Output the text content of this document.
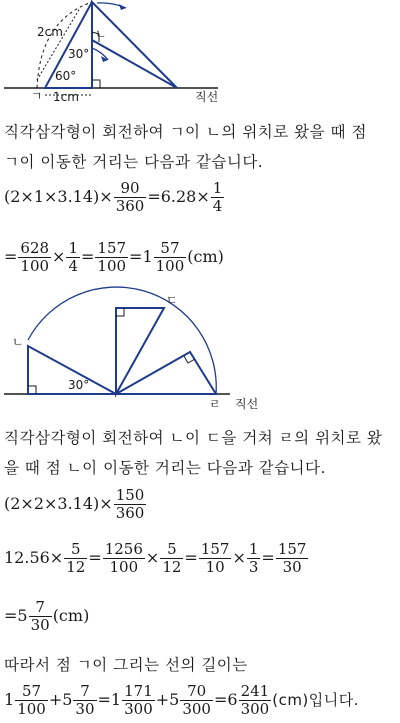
2cm
30°
60°
ㄱ 1cm
ㄴ
직선
직각삼각형이 회전하여 ㄱ이 ㄴ의 위치로 왔을 때 점
ㄱ이 이동한 거리는 다음과 같습니다.
$(2\times 1\times 3.14)\times \frac{90}{360} =6.28\times \frac{1}{4}$
= $\frac{628}{100} \times \frac{1}{4} = \frac{157}{100} =1 \frac{57}{100} (cm)$
ㄴ
ㄷ
ㄹ
30°
직선
직각삼각형이 회전하여 ㄴ이 ㄷ을 거쳐 ㄹ의 위치로 왔
을 때 점 ㄴ이 이동한 거리는 다음과 같습니다.
$(2\times 2\times 3.14)\times \frac{150}{360}$
$12.56\times \frac{5}{12} = \frac{1256}{100} \times \frac{5}{12} = \frac{157}{10} \times \frac{1}{3} = \frac{157}{30}$
$=5 \frac{7}{30} (cm)$
따라서 점 ㄱ이 그리는 선의 길이는
$1 \frac{57}{100} +5 \frac{7}{30} =1 \frac{171}{300} +5 \frac{70}{300} =6 \frac{241}{300} (cm)$입니다.
